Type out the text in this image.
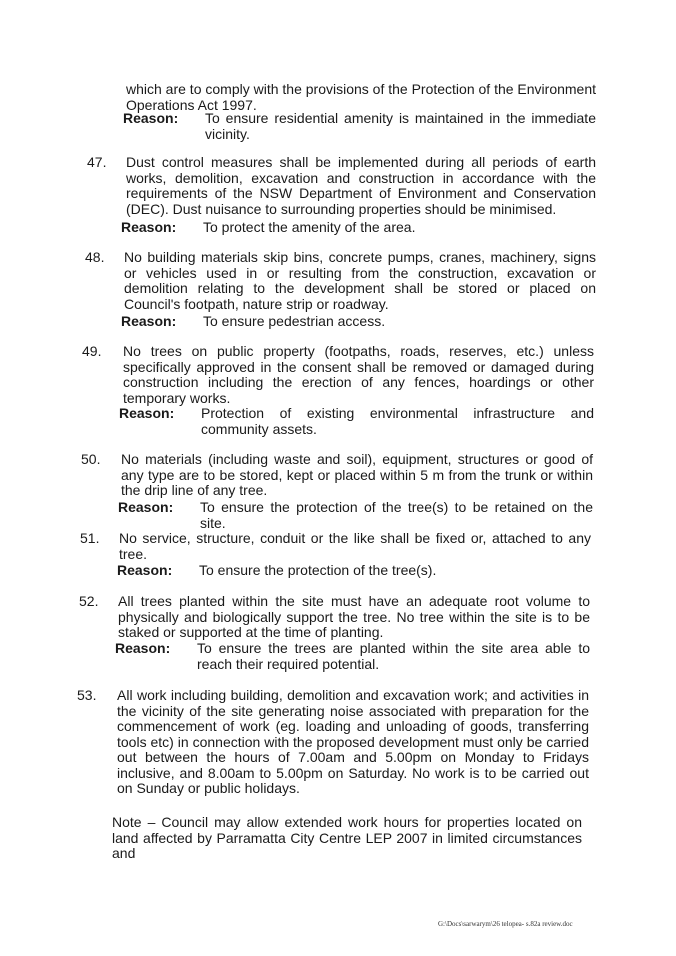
which are to comply with the provisions of the Protection of the Environment Operations Act 1997.
Reason:	To ensure residential amenity is maintained in the immediate vicinity.
47.	Dust control measures shall be implemented during all periods of earth works, demolition, excavation and construction in accordance with the requirements of the NSW Department of Environment and Conservation (DEC). Dust nuisance to surrounding properties should be minimised.
Reason:	To protect the amenity of the area.
48.	No building materials skip bins, concrete pumps, cranes, machinery, signs or vehicles used in or resulting from the construction, excavation or demolition relating to the development shall be stored or placed on Council's footpath, nature strip or roadway.
Reason:	To ensure pedestrian access.
49.	No trees on public property (footpaths, roads, reserves, etc.) unless specifically approved in the consent shall be removed or damaged during construction including the erection of any fences, hoardings or other temporary works.
Reason:	Protection of existing environmental infrastructure and community assets.
50.	No materials (including waste and soil), equipment, structures or good of any type are to be stored, kept or placed within 5 m from the trunk or within the drip line of any tree.
Reason:	To ensure the protection of the tree(s) to be retained on the site.
51.	No service, structure, conduit or the like shall be fixed or, attached to any tree.
Reason:	To ensure the protection of the tree(s).
52.	All trees planted within the site must have an adequate root volume to physically and biologically support the tree. No tree within the site is to be staked or supported at the time of planting.
Reason:	To ensure the trees are planted within the site area able to reach their required potential.
53.	All work including building, demolition and excavation work; and activities in the vicinity of the site generating noise associated with preparation for the commencement of work (eg. loading and unloading of goods, transferring tools etc) in connection with the proposed development must only be carried out between the hours of 7.00am and 5.00pm on Monday to Fridays inclusive, and 8.00am to 5.00pm on Saturday. No work is to be carried out on Sunday or public holidays.
Note – Council may allow extended work hours for properties located on land affected by Parramatta City Centre LEP 2007 in limited circumstances and
G:\Docs\sarwarym\26 telopea- s.82a review.doc
